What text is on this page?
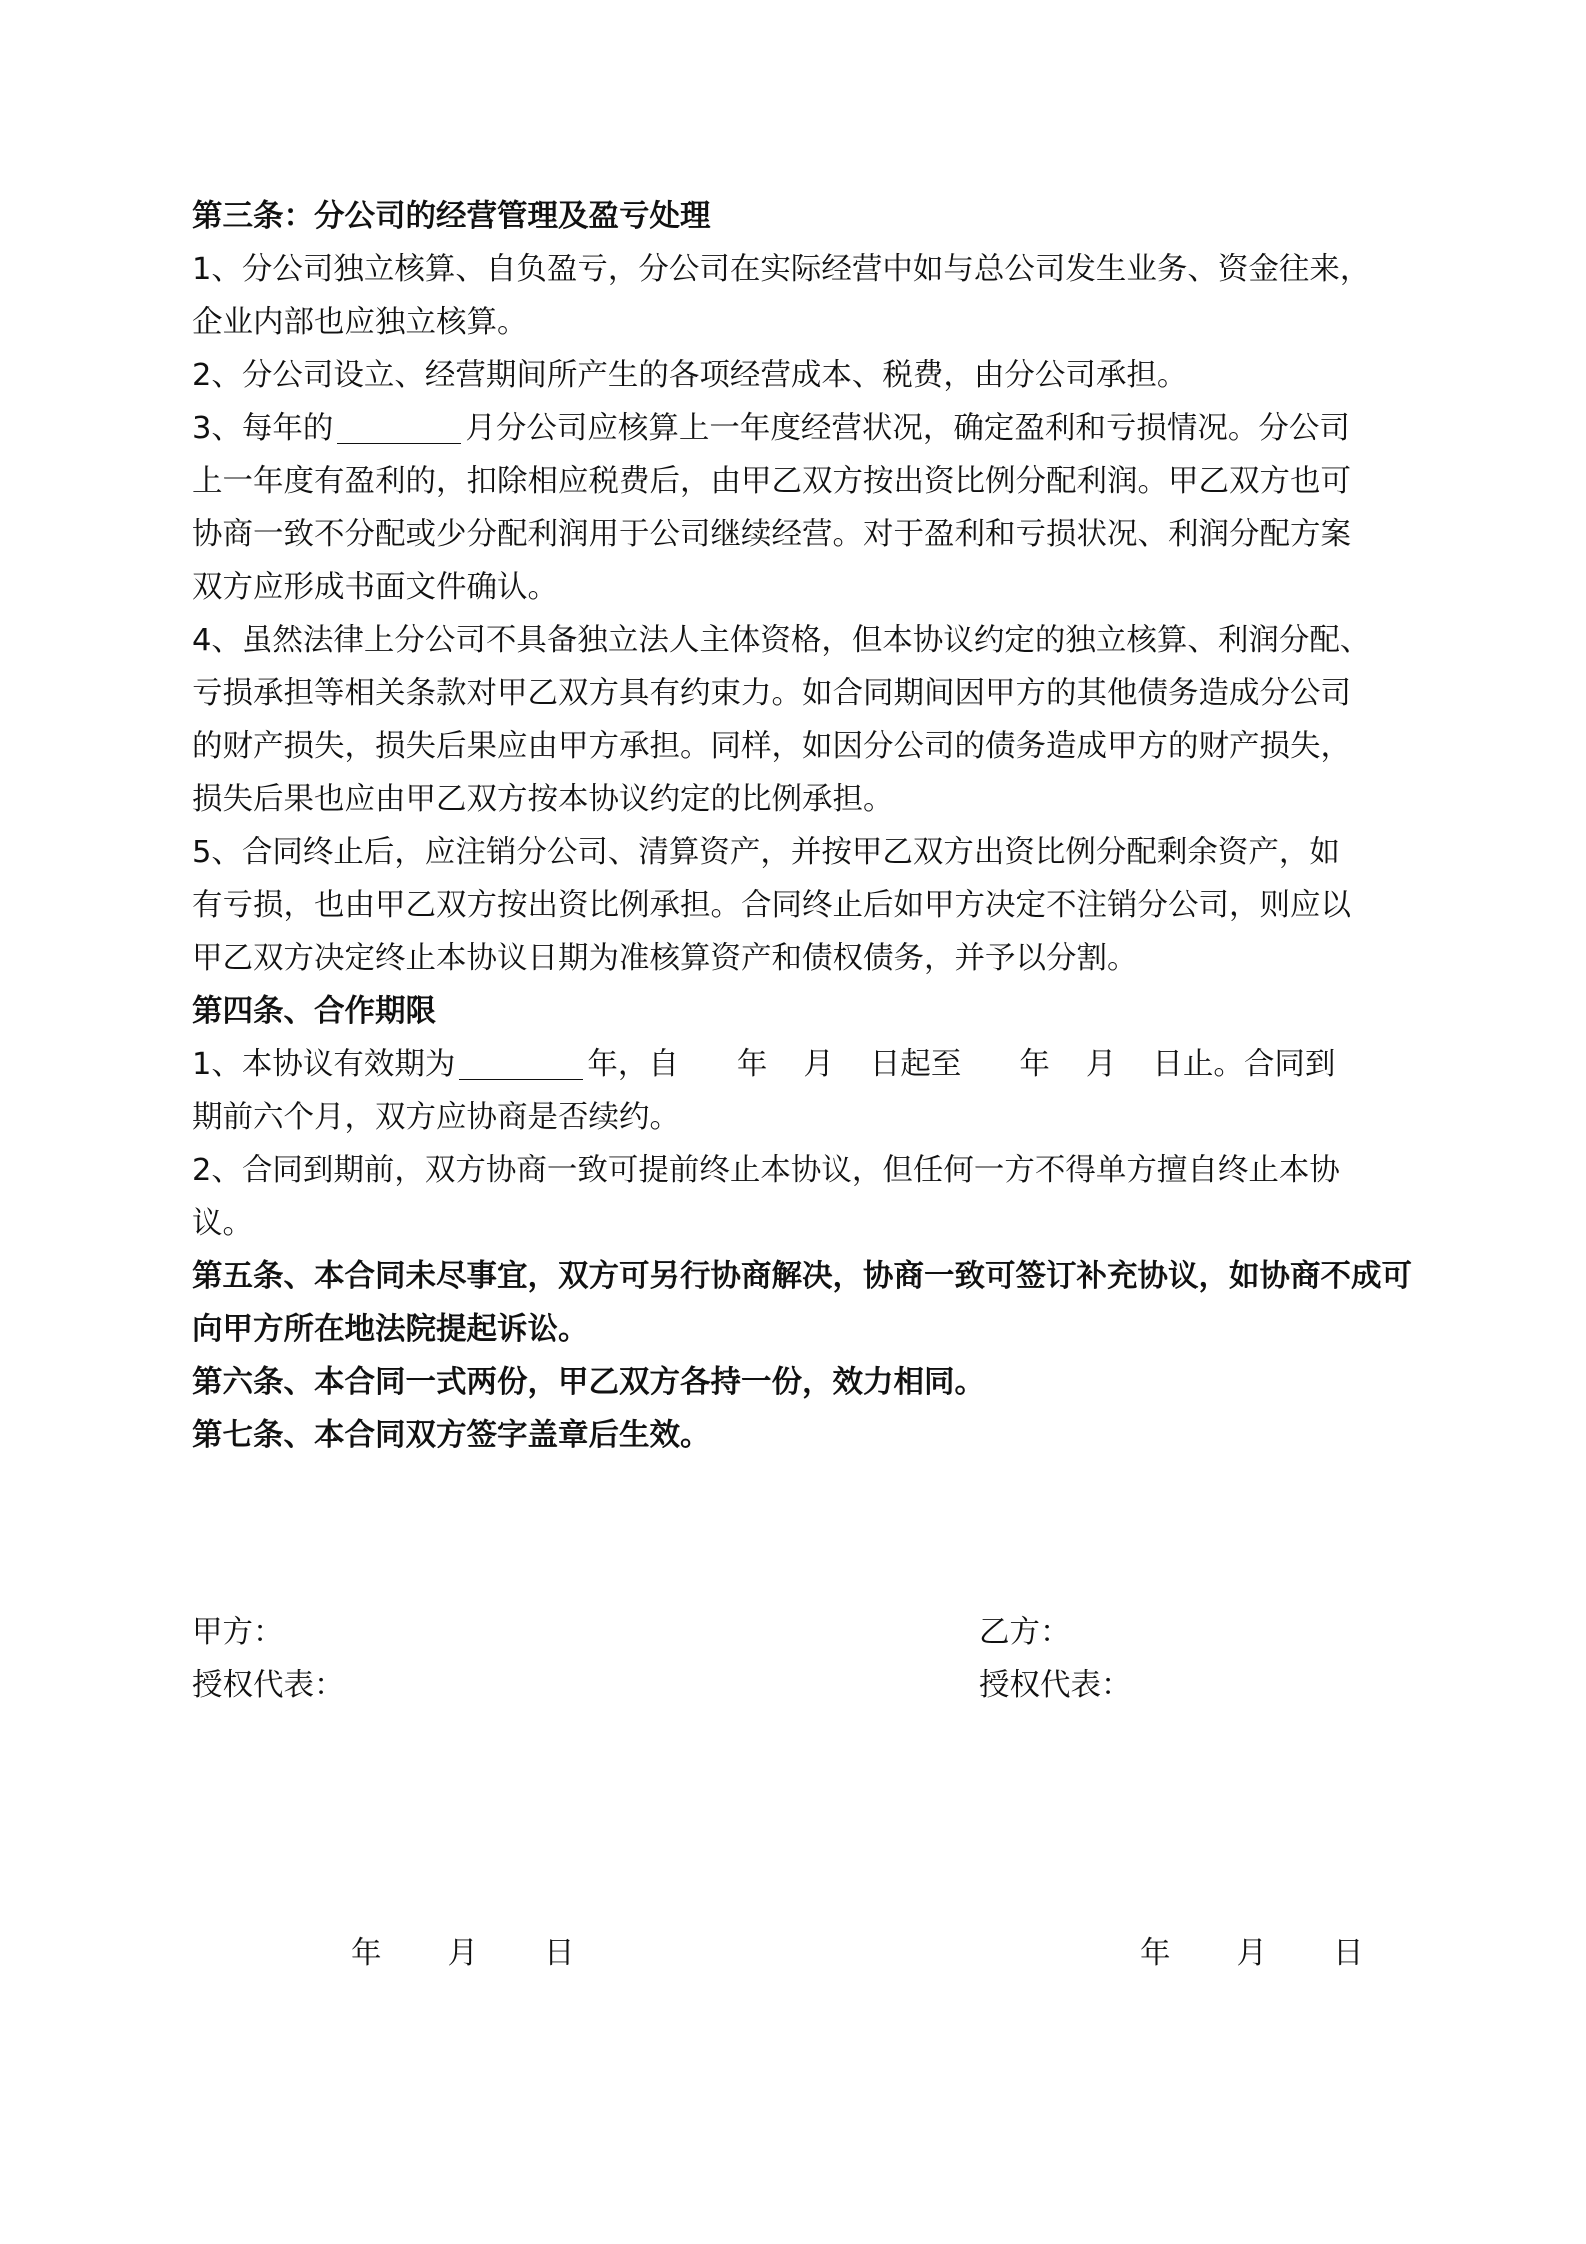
第三条：分公司的经营管理及盈亏处理
1、分公司独立核算、自负盈亏，分公司在实际经营中如与总公司发生业务、资金往来，
企业内部也应独立核算。
2、分公司设立、经营期间所产生的各项经营成本、税费，由分公司承担。
3、每年的	月分公司应核算上一年度经营状况，确定盈利和亏损情况。分公司
上一年度有盈利的，扣除相应税费后，由甲乙双方按出资比例分配利润。甲乙双方也可
协商一致不分配或少分配利润用于公司继续经营。对于盈利和亏损状况、利润分配方案
双方应形成书面文件确认。
4、虽然法律上分公司不具备独立法人主体资格，但本协议约定的独立核算、利润分配、
亏损承担等相关条款对甲乙双方具有约束力。如合同期间因甲方的其他债务造成分公司
的财产损失，损失后果应由甲方承担。同样，如因分公司的债务造成甲方的财产损失，
损失后果也应由甲乙双方按本协议约定的比例承担。
5、合同终止后，应注销分公司、清算资产，并按甲乙双方出资比例分配剩余资产，如
有亏损，也由甲乙双方按出资比例承担。合同终止后如甲方决定不注销分公司，则应以
甲乙双方决定终止本协议日期为准核算资产和债权债务，并予以分割。
第四条、合作期限
1、本协议有效期为	年，自 年 月 日起至 年 月 日止。合同到
期前六个月，双方应协商是否续约。
2、合同到期前，双方协商一致可提前终止本协议，但任何一方不得单方擅自终止本协
议。
第五条、本合同未尽事宜，双方可另行协商解决，协商一致可签订补充协议，如协商不成可
向甲方所在地法院提起诉讼。
第六条、本合同一式两份，甲乙双方各持一份，效力相同。
第七条、本合同双方签字盖章后生效。
甲方：
授权代表：
乙方：
授权代表：
年 月 日	年 月 日
